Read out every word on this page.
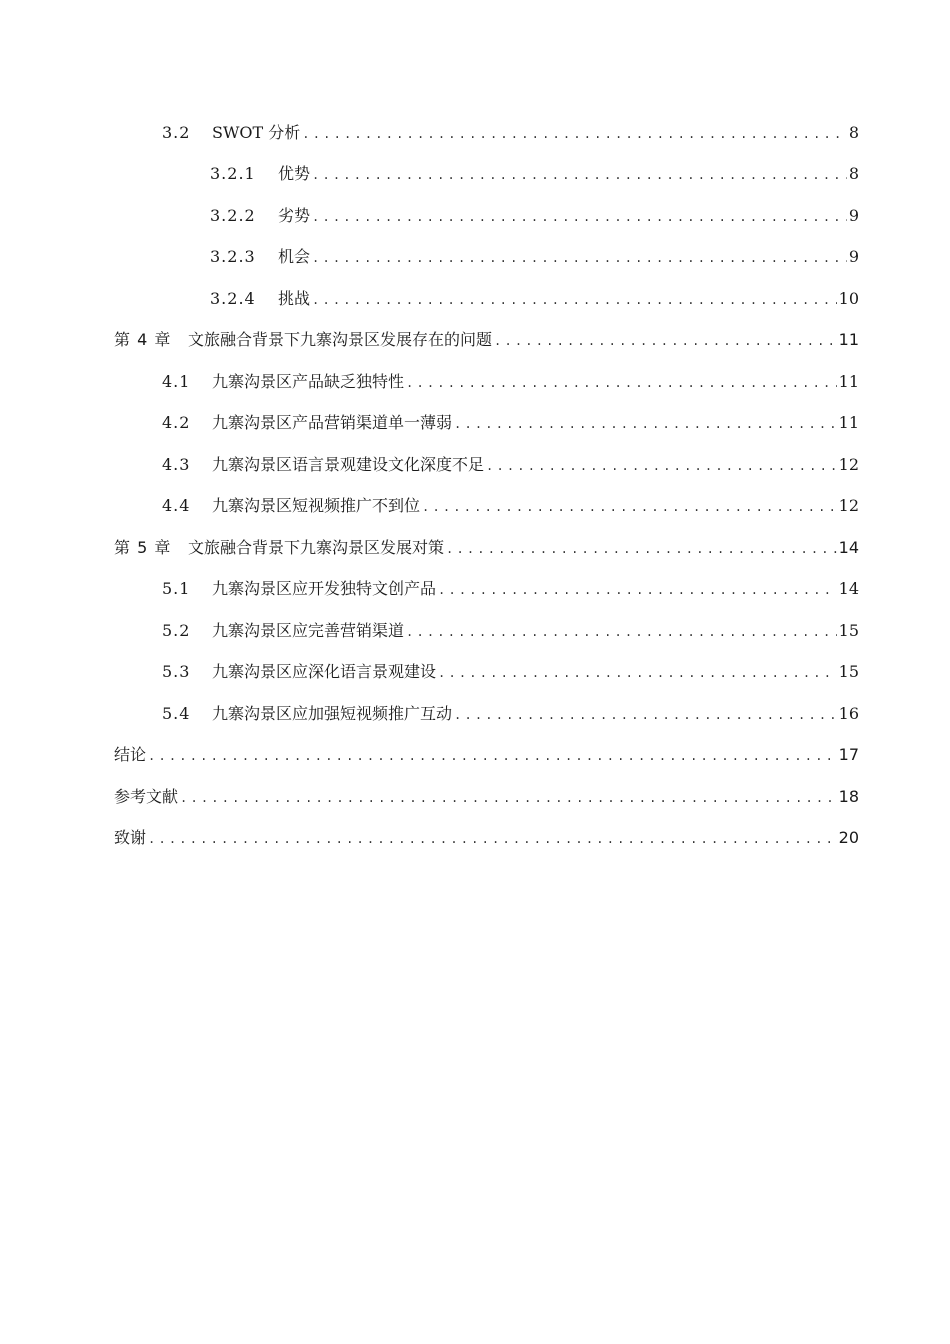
3.2	SWOT 分析 .....	8
3.2.1	优势 .....	8
3.2.2	劣势 .....	9
3.2.3	机会 .....	9
3.2.4	挑战 .....	10
第 4 章	文旅融合背景下九寨沟景区发展存在的问题 .....	11
4.1	九寨沟景区产品缺乏独特性 .....	11
4.2	九寨沟景区产品营销渠道单一薄弱 .....	11
4.3	九寨沟景区语言景观建设文化深度不足 .....	12
4.4	九寨沟景区短视频推广不到位 .....	12
第 5 章	文旅融合背景下九寨沟景区发展对策 .....	14
5.1	九寨沟景区应开发独特文创产品 .....	14
5.2	九寨沟景区应完善营销渠道 .....	15
5.3	九寨沟景区应深化语言景观建设 .....	15
5.4	九寨沟景区应加强短视频推广互动 .....	16
结论 .....	17
参考文献 .....	18
致谢 .....	20
